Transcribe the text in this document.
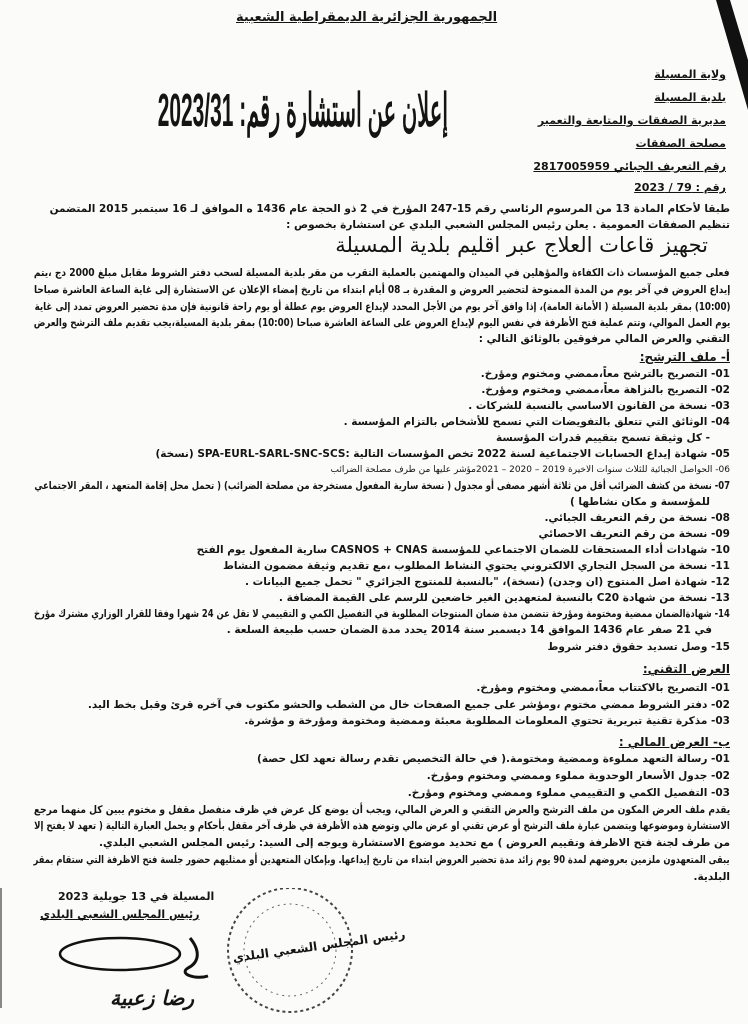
الجمهورية الجزائرية الديمقراطية الشعبية
ولاية المسيلة
بلدية المسيلة
مديرية الصفقات والمتابعة والتعمير
مصلحة الصفقات
رقم التعريف الجبائي 2817005959
رقم : 79 / 2023
إعلان عن استشارة رقم: 2023/31
طبقا لأحكام المادة 13 من المرسوم الرئاسي رقم 15-247 المؤرخ في 2 ذو الحجة عام 1436 ه الموافق لـ 16 سبتمبر 2015 المتضمن
تنظيم الصفقات العمومية . يعلن رئيس المجلس الشعبي البلدي عن استشارة بخصوص :
تجهيز قاعات العلاج عبر اقليم بلدية المسيلة
فعلى جميع المؤسسات ذات الكفاءة والمؤهلين في الميدان والمهتمين بالعملية التقرب من مقر بلدية المسيلة لسحب دفتر الشروط مقابل مبلغ 2000 دج ،يتم
إيداع العروض في آخر يوم من المدة الممنوحة لتحضير العروض و المقدرة بـ 08 أيام ابتداء من تاريخ إمضاء الإعلان عن الاستشارة إلى غاية الساعة العاشرة صباحا
(10:00) بمقر بلدية المسيلة ( الأمانة العامة)، إذا وافق آخر يوم من الأجل المحدد لإيداع العروض يوم عطلة أو يوم راحة قانونية فإن مدة تحضير العروض تمدد إلى غاية
يوم العمل الموالي، وتتم عملية فتح الأظرفة في نفس اليوم لإيداع العروض على الساعة العاشرة صباحا (10:00) بمقر بلدية المسيلة،يجب تقديم ملف الترشح والعرض
التقني والعرض المالي مرفوقين بالوثائق التالي :
أ- ملف الترشح:
01- التصريح بالترشح معاً،ممضي ومختوم ومؤرخ.
02- التصريح بالنزاهة معاً،ممضي ومختوم ومؤرخ.
03- نسخة من القانون الاساسي بالنسبة للشركات .
04- الوثائق التي تتعلق بالتفويضات التي تسمح للأشخاص بالتزام المؤسسة .
- كل وثيقة تسمح بتقييم قدرات المؤسسة
05- شهادة إيداع الحسابات الاجتماعية لسنة 2022 تخص المؤسسات التالية :SPA-EURL-SARL-SNC-SCS (نسخة)
06- الحواصل الجبائية للثلاث سنوات الاخيرة 2019 – 2020 – 2021مؤشر عليها من طرف مصلحة الضرائب
07- نسخة من كشف الضرائب أقل من ثلاثة أشهر مصفى أو مجدول ( نسخة سارية المفعول مستخرجة من مصلحة الضرائب) ( تحمل محل إقامة المتعهد ، المقر الاجتماعي
للمؤسسة و مكان نشاطها )
08- نسخة من رقم التعريف الجبائي.
09- نسخة من رقم التعريف الاحصائي
10- شهادات أداء المستحقات للضمان الاجتماعي للمؤسسة CASNOS + CNAS سارية المفعول يوم الفتح
11- نسخة من السجل التجاري الالكتروني يحتوي النشاط المطلوب ،مع تقديم وثيقة مضمون النشاط
12- شهادة اصل المنتوج (ان وجدن) (نسخة)، "بالنسبة للمنتوج الجزائري " تحمل جميع البيانات .
13- نسخة من شهادة C20 بالنسبة لمتعهدين الغير خاضعين للرسم على القيمة المضافة .
14- شهادةالضمان ممضية ومختومة ومؤرخة تتضمن مدة ضمان المنتوجات المطلوبة في التفصيل الكمي و التقييمي لا تقل عن 24 شهرا وفقا للقرار الوزاري مشترك مؤرخ
في 21 صفر عام 1436 الموافق 14 ديسمبر سنة 2014 يحدد مدة الضمان حسب طبيعة السلعة .
15- وصل تسديد حقوق دفتر شروط
العرض التقني:
01- التصريح بالاكتتاب معاً،ممضي ومختوم ومؤرخ.
02- دفتر الشروط ممضي مختوم ،ومؤشر على جميع الصفحات خال من الشطب والحشو مكتوب في آخره قرئ وقبل بخط اليد.
03- مذكرة تقنية تبريرية تحتوي المعلومات المطلوبة معبئة وممضية ومختومة ومؤرخة و مؤشرة.
ب- العرض المالي :
01- رسالة التعهد مملوءة وممضية ومختومة.( في حالة التخصيص تقدم رسالة تعهد لكل حصة)
02- جدول الأسعار الوحدوية مملوء وممضي ومختوم ومؤرخ.
03- التفصيل الكمي و التقييمي مملوء وممضي ومختوم ومؤرخ.
يقدم ملف العرض المكون من ملف الترشح والعرض التقني و العرض المالي، ويجب أن يوضع كل عرض في ظرف منفصل مقفل و مختوم يبين كل منهما مرجع
الاستشارة وموضوعها ويتضمن عبارة ملف الترشح أو عرض تقني او عرض مالي وتوضع هذه الأظرفة في ظرف آخر مقفل بأحكام و يحمل العبارة التالية ( تعهد لا يفتح إلا
من طرف لجنة فتح الاظرفة وتقييم العروض ) مع تحديد موضوع الاستشارة ويوجه إلى السيد: رئيس المجلس الشعبي البلدي.
يبقى المتعهدون ملزمين بعروضهم لمدة 90 يوم زائد مدة تحضير العروض ابتداء من تاريخ إيداعها. وبإمكان المتعهدين أو ممثليهم حضور جلسة فتح الاظرفة التي ستقام بمقر
البلدية.
المسيلة في 13 جويلية 2023
رئيس المجلس الشعبي البلدي
رئيس المجلس الشعبي البلدي
رضا زعبية
